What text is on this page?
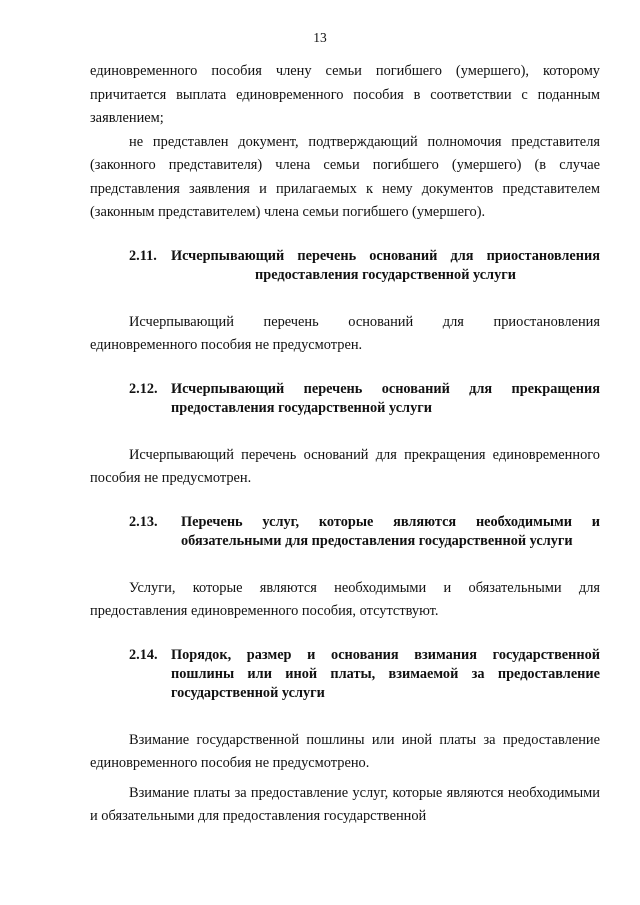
13

единовременного пособия члену семьи погибшего (умершего), которому причитается выплата единовременного пособия в соответствии с поданным заявлением;

не представлен документ, подтверждающий полномочия представителя (законного представителя) члена семьи погибшего (умершего) (в случае представления заявления и прилагаемых к нему документов представителем (законным представителем) члена семьи погибшего (умершего).

2.11. Исчерпывающий перечень оснований для приостановления предоставления государственной услуги

Исчерпывающий перечень оснований для приостановления единовременного пособия не предусмотрен.

2.12. Исчерпывающий перечень оснований для прекращения предоставления государственной услуги

Исчерпывающий перечень оснований для прекращения единовременного пособия не предусмотрен.

2.13.	Перечень услуг, которые являются необходимыми и обязательными для предоставления государственной услуги

Услуги, которые являются необходимыми и обязательными для предоставления единовременного пособия, отсутствуют.

2.14. Порядок, размер и основания взимания государственной пошлины или иной платы, взимаемой за предоставление государственной услуги

Взимание государственной пошлины или иной платы за предоставление единовременного пособия не предусмотрено.

Взимание платы за предоставление услуг, которые являются необходимыми и обязательными для предоставления государственной
